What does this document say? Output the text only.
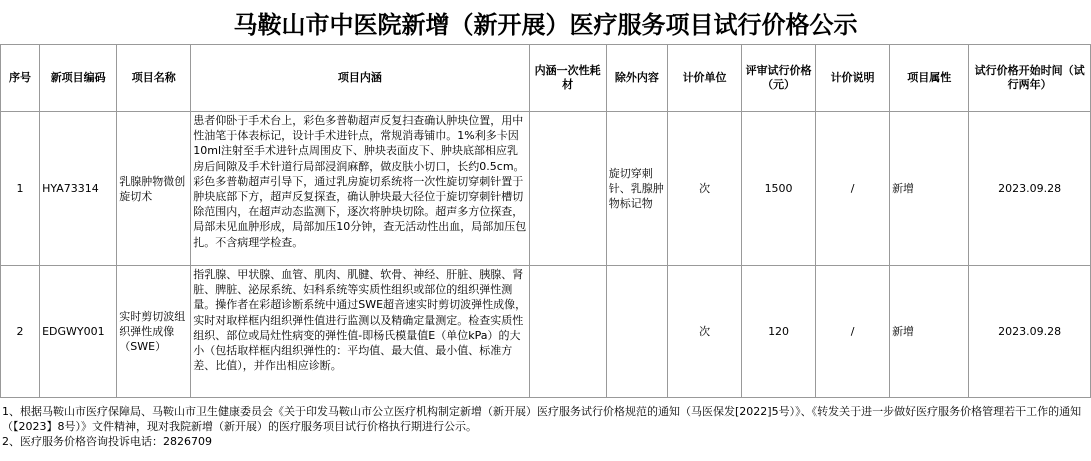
马鞍山市中医院新增（新开展）医疗服务项目试行价格公示
序号	新项目编码	项目名称	项目内涵	内涵一次性耗材	除外内容	计价单位	评审试行价格（元）	计价说明	项目属性	试行价格开始时间（试行两年）
1	HYA73314	乳腺肿物微创旋切术	患者仰卧于手术台上，彩色多普勒超声反复扫查确认肿块位置，用中性油笔于体表标记，设计手术进针点，常规消毒铺巾。1%利多卡因10ml注射至手术进针点周围皮下、肿块表面皮下、肿块底部相应乳房后间隙及手术针道行局部浸润麻醉，做皮肤小切口，长约0.5cm。彩色多普勒超声引导下，通过乳房旋切系统将一次性旋切穿刺针置于肿块底部下方，超声反复探查，确认肿块最大径位于旋切穿刺针槽切除范围内，在超声动态监测下，逐次将肿块切除。超声多方位探查，局部未见血肿形成，局部加压10分钟，查无活动性出血，局部加压包扎。不含病理学检查。		旋切穿刺针、乳腺肿物标记物	次	1500	/	新增	2023.09.28
2	EDGWY001	实时剪切波组织弹性成像（SWE）	指乳腺、甲状腺、血管、肌肉、肌腱、软骨、神经、肝脏、胰腺、肾脏、脾脏、泌尿系统、妇科系统等实质性组织或部位的组织弹性测量。操作者在彩超诊断系统中通过SWE超音速实时剪切波弹性成像，实时对取样框内组织弹性值进行监测以及精确定量测定。检查实质性组织、部位或局灶性病变的弹性值-即杨氏模量值E（单位kPa）的大小（包括取样框内组织弹性的：平均值、最大值、最小值、标准方差、比值），并作出相应诊断。			次	120	/	新增	2023.09.28
1、根据马鞍山市医疗保障局、马鞍山市卫生健康委员会《关于印发马鞍山市公立医疗机构制定新增（新开展）医疗服务试行价格规范的通知（马医保发[2022]5号）》、《转发关于进一步做好医疗服务价格管理若干工作的通知（【2023】8号）》文件精神，现对我院新增（新开展）的医疗服务项目试行价格执行期进行公示。
2、医疗服务价格咨询投诉电话：2826709
